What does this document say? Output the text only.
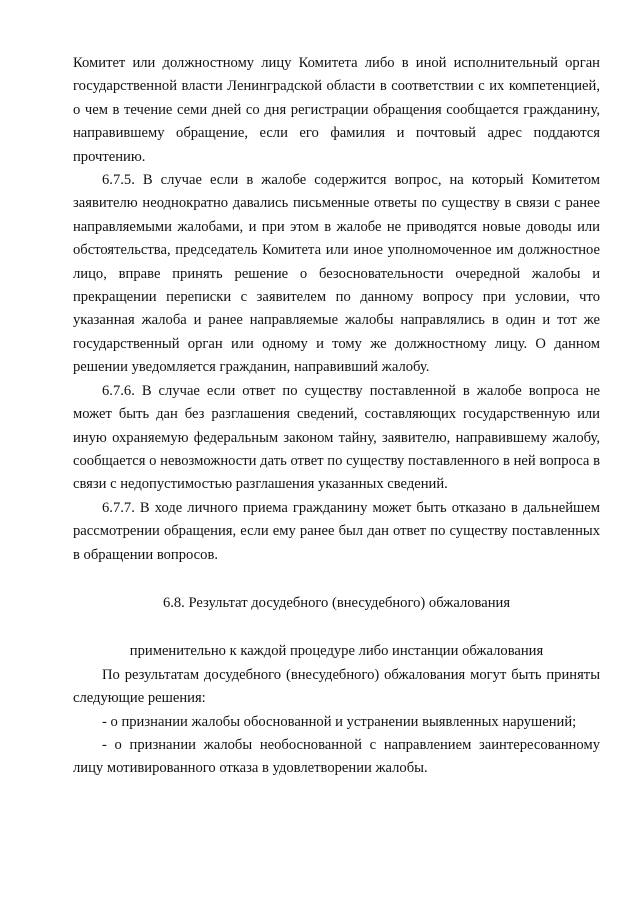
Комитет или должностному лицу Комитета либо в иной исполнительный орган государственной власти Ленинградской области в соответствии с их компетенцией, о чем в течение семи дней со дня регистрации обращения сообщается гражданину, направившему обращение, если его фамилия и почтовый адрес поддаются прочтению.

6.7.5. В случае если в жалобе содержится вопрос, на который Комитетом заявителю неоднократно давались письменные ответы по существу в связи с ранее направляемыми жалобами, и при этом в жалобе не приводятся новые доводы или обстоятельства, председатель Комитета или иное уполномоченное им должностное лицо, вправе принять решение о безосновательности очередной жалобы и прекращении переписки с заявителем по данному вопросу при условии, что указанная жалоба и ранее направляемые жалобы направлялись в один и тот же государственный орган или одному и тому же должностному лицу. О данном решении уведомляется гражданин, направивший жалобу.

6.7.6. В случае если ответ по существу поставленной в жалобе вопроса не может быть дан без разглашения сведений, составляющих государственную или иную охраняемую федеральным законом тайну, заявителю, направившему жалобу, сообщается о невозможности дать ответ по существу поставленного в ней вопроса в связи с недопустимостью разглашения указанных сведений.

6.7.7. В ходе личного приема гражданину может быть отказано в дальнейшем рассмотрении обращения, если ему ранее был дан ответ по существу поставленных в обращении вопросов.

6.8. Результат досудебного (внесудебного) обжалования

применительно к каждой процедуре либо инстанции обжалования

По результатам досудебного (внесудебного) обжалования могут быть приняты следующие решения:

- о признании жалобы обоснованной и устранении выявленных нарушений;

- о признании жалобы необоснованной с направлением заинтересованному лицу мотивированного отказа в удовлетворении жалобы.
